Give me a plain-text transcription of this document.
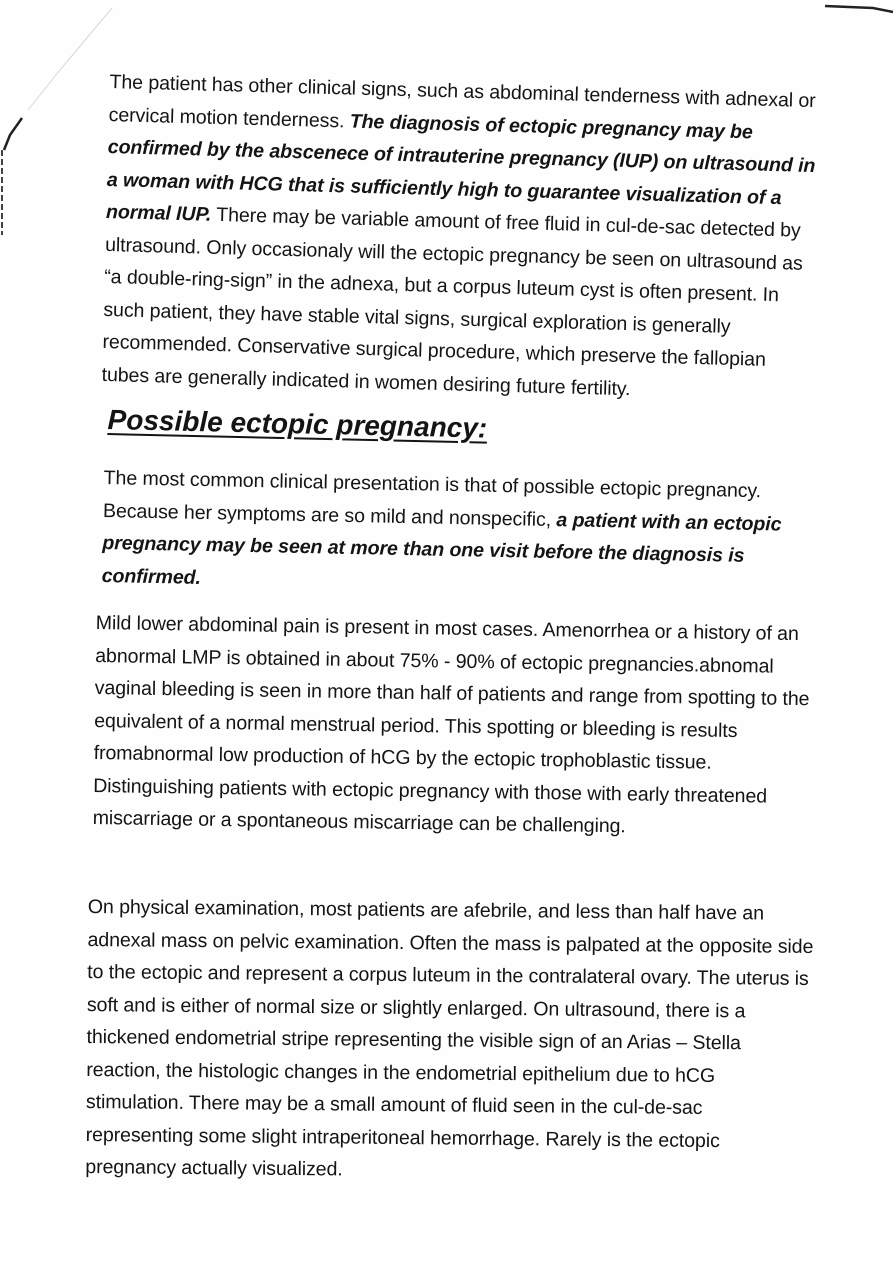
The patient has other clinical signs, such as abdominal tenderness with adnexal or cervical motion tenderness. The diagnosis of ectopic pregnancy may be confirmed by the abscenece of intrauterine pregnancy (IUP) on ultrasound in a woman with HCG that is sufficiently high to guarantee visualization of a normal IUP. There may be variable amount of free fluid in cul-de-sac detected by ultrasound. Only occasionaly will the ectopic pregnancy be seen on ultrasound as “a double-ring-sign” in the adnexa, but a corpus luteum cyst is often present. In such patient, they have stable vital signs, surgical exploration is generally recommended. Conservative surgical procedure, which preserve the fallopian tubes are generally indicated in women desiring future fertility.

Possible ectopic pregnancy:

The most common clinical presentation is that of possible ectopic pregnancy. Because her symptoms are so mild and nonspecific, a patient with an ectopic pregnancy may be seen at more than one visit before the diagnosis is confirmed.

Mild lower abdominal pain is present in most cases. Amenorrhea or a history of an abnormal LMP is obtained in about 75% - 90% of ectopic pregnancies.abnomal vaginal bleeding is seen in more than half of patients and range from spotting to the equivalent of a normal menstrual period. This spotting or bleeding is results fromabnormal low production of hCG by the ectopic trophoblastic tissue. Distinguishing patients with ectopic pregnancy with those with early threatened miscarriage or a spontaneous miscarriage can be challenging.

On physical examination, most patients are afebrile, and less than half have an adnexal mass on pelvic examination. Often the mass is palpated at the opposite side to the ectopic and represent a corpus luteum in the contralateral ovary. The uterus is soft and is either of normal size or slightly enlarged. On ultrasound, there is a thickened endometrial stripe representing the visible sign of an Arias – Stella reaction, the histologic changes in the endometrial epithelium due to hCG stimulation. There may be a small amount of fluid seen in the cul-de-sac representing some slight intraperitoneal hemorrhage. Rarely is the ectopic pregnancy actually visualized.
